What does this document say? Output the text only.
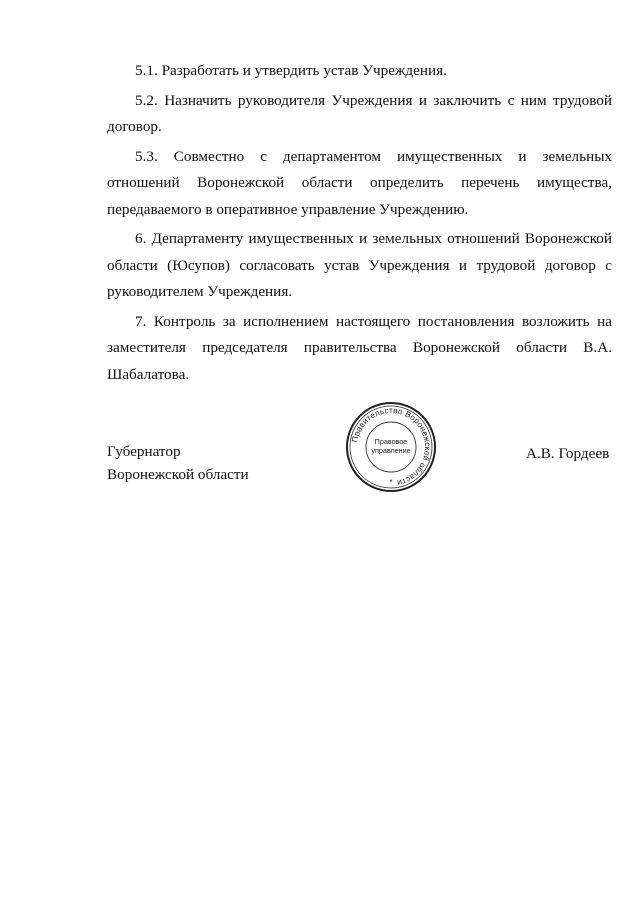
5.1. Разработать и утвердить устав Учреждения.

5.2. Назначить руководителя Учреждения и заключить с ним трудовой договор.

5.3. Совместно с департаментом имущественных и земельных отношений Воронежской области определить перечень имущества, передаваемого в оперативное управление Учреждению.

6. Департаменту имущественных и земельных отношений Воронежской области (Юсупов) согласовать устав Учреждения и трудовой договор с руководителем Учреждения.

7. Контроль за исполнением настоящего постановления возложить на заместителя председателя правительства Воронежской области В.А. Шабалатова.

Губернатор
Воронежской области
Правительство Воронежской области
Правовое
управление
*
А.В. Гордеев
